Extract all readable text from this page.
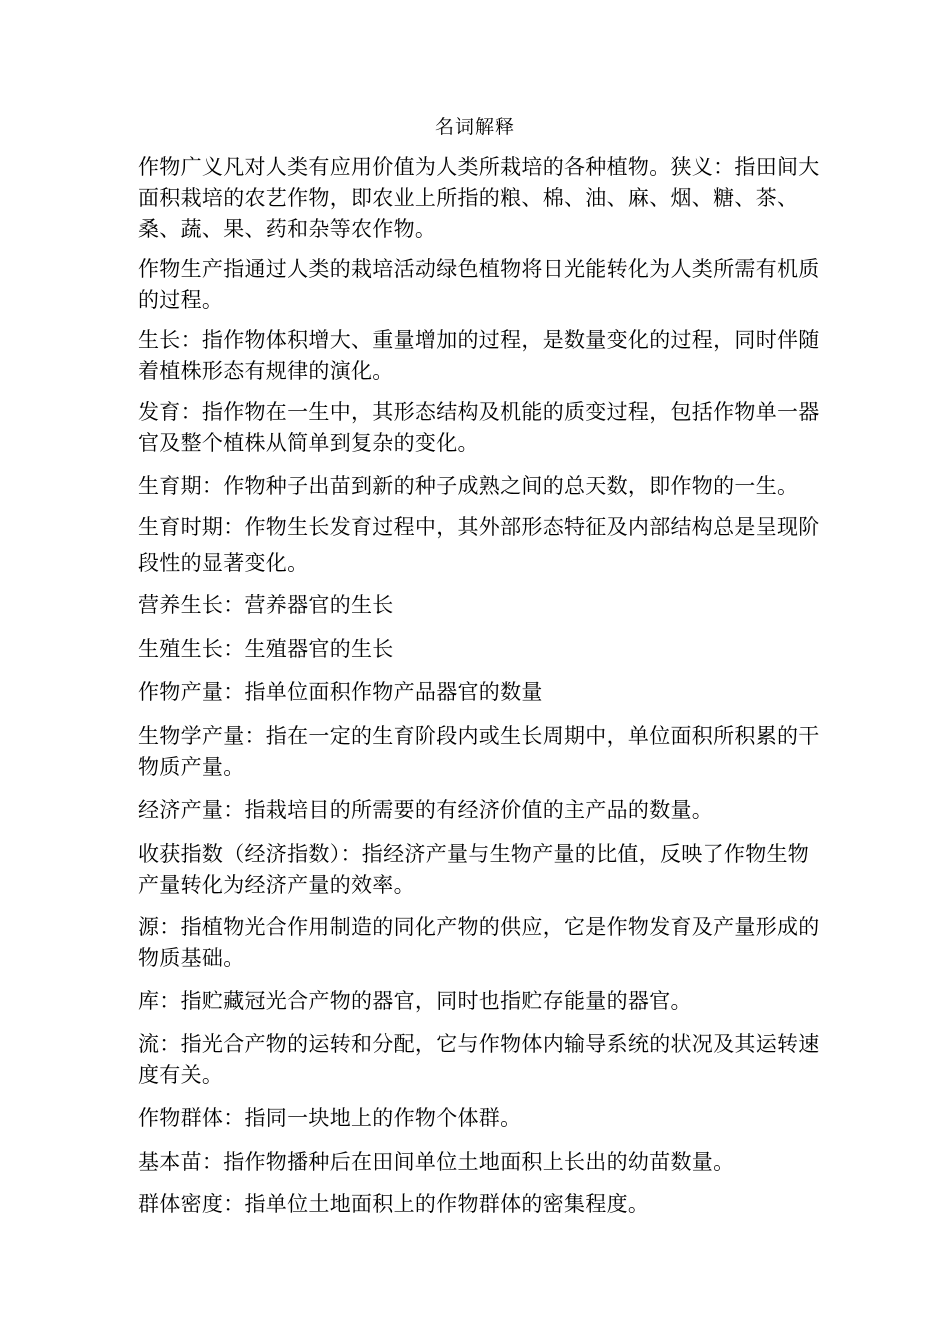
名词解释

作物广义凡对人类有应用价值为人类所栽培的各种植物。狭义：指田间大面积栽培的农艺作物，即农业上所指的粮、棉、油、麻、烟、糖、茶、桑、蔬、果、药和杂等农作物。

作物生产指通过人类的栽培活动绿色植物将日光能转化为人类所需有机质的过程。

生长：指作物体积增大、重量增加的过程，是数量变化的过程，同时伴随着植株形态有规律的演化。

发育：指作物在一生中，其形态结构及机能的质变过程，包括作物单一器官及整个植株从简单到复杂的变化。

生育期：作物种子出苗到新的种子成熟之间的总天数，即作物的一生。

生育时期：作物生长发育过程中，其外部形态特征及内部结构总是呈现阶段性的显著变化。

营养生长：营养器官的生长

生殖生长：生殖器官的生长

作物产量：指单位面积作物产品器官的数量

生物学产量：指在一定的生育阶段内或生长周期中，单位面积所积累的干物质产量。

经济产量：指栽培目的所需要的有经济价值的主产品的数量。

收获指数（经济指数）：指经济产量与生物产量的比值，反映了作物生物产量转化为经济产量的效率。

源：指植物光合作用制造的同化产物的供应，它是作物发育及产量形成的物质基础。

库：指贮藏冠光合产物的器官，同时也指贮存能量的器官。

流：指光合产物的运转和分配，它与作物体内输导系统的状况及其运转速度有关。

作物群体：指同一块地上的作物个体群。

基本苗：指作物播种后在田间单位土地面积上长出的幼苗数量。

群体密度：指单位土地面积上的作物群体的密集程度。
